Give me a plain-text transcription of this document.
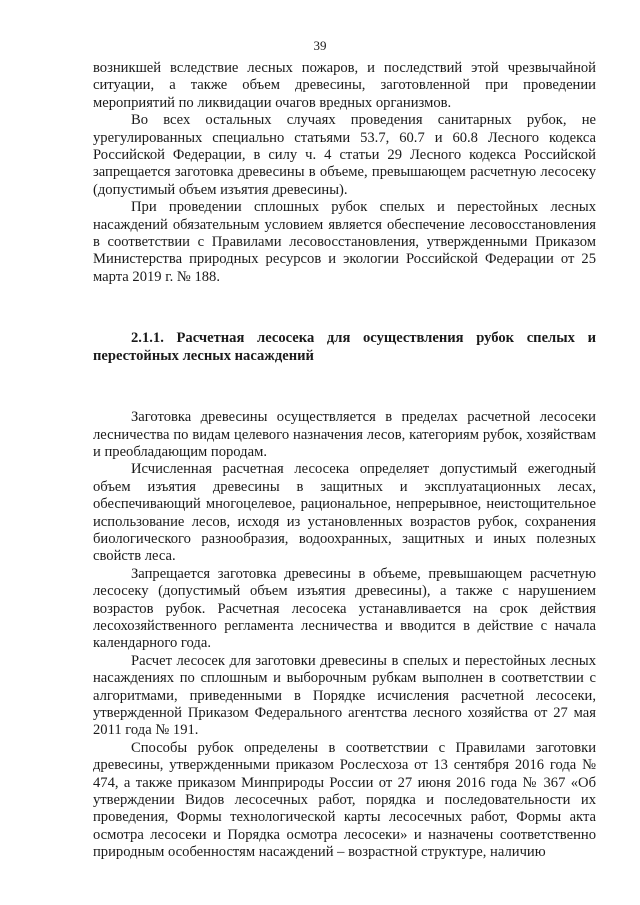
39

возникшей вследствие лесных пожаров, и последствий этой чрезвычайной ситуации, а также объем древесины, заготовленной при проведении мероприятий по ликвидации очагов вредных организмов.

Во всех остальных случаях проведения санитарных рубок, не урегулированных специально статьями 53.7, 60.7 и 60.8 Лесного кодекса Российской Федерации, в силу ч. 4 статьи 29 Лесного кодекса Российской запрещается заготовка древесины в объеме, превышающем расчетную лесосеку (допустимый объем изъятия древесины).

При проведении сплошных рубок спелых и перестойных лесных насаждений обязательным условием является обеспечение лесовосстановления в соответствии с Правилами лесовосстановления, утвержденными Приказом Министерства природных ресурсов и экологии Российской Федерации от 25 марта 2019 г. № 188.

2.1.1. Расчетная лесосека для осуществления рубок спелых и перестойных лесных насаждений

Заготовка древесины осуществляется в пределах расчетной лесосеки лесничества по видам целевого назначения лесов, категориям рубок, хозяйствам и преобладающим породам.

Исчисленная расчетная лесосека определяет допустимый ежегодный объем изъятия древесины в защитных и эксплуатационных лесах, обеспечивающий многоцелевое, рациональное, непрерывное, неистощительное использование лесов, исходя из установленных возрастов рубок, сохранения биологического разнообразия, водоохранных, защитных и иных полезных свойств леса.

Запрещается заготовка древесины в объеме, превышающем расчетную лесосеку (допустимый объем изъятия древесины), а также с нарушением возрастов рубок. Расчетная лесосека устанавливается на срок действия лесохозяйственного регламента лесничества и вводится в действие с начала календарного года.

Расчет лесосек для заготовки древесины в спелых и перестойных лесных насаждениях по сплошным и выборочным рубкам выполнен в соответствии с алгоритмами, приведенными в Порядке исчисления расчетной лесосеки, утвержденной Приказом Федерального агентства лесного хозяйства от 27 мая 2011 года № 191.

Способы рубок определены в соответствии с Правилами заготовки древесины, утвержденными приказом Рослесхоза от 13 сентября 2016 года № 474, а также приказом Минприроды России от 27 июня 2016 года № 367 «Об утверждении Видов лесосечных работ, порядка и последовательности их проведения, Формы технологической карты лесосечных работ, Формы акта осмотра лесосеки и Порядка осмотра лесосеки» и назначены соответственно природным особенностям насаждений – возрастной структуре, наличию
